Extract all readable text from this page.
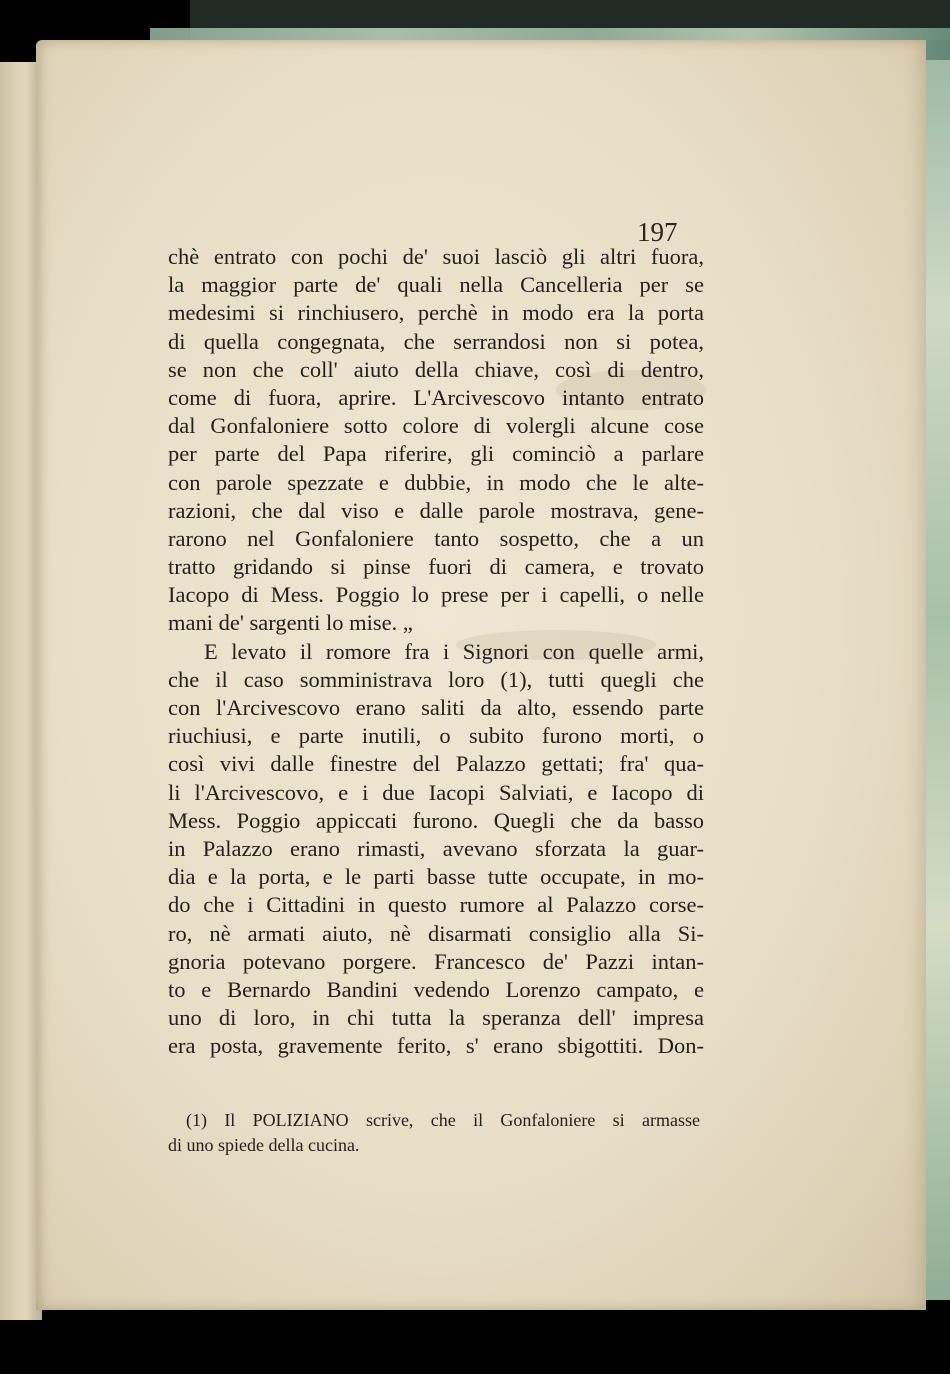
197
chè entrato con pochi de' suoi lasciò gli altri fuora,
la maggior parte de' quali nella Cancelleria per se
medesimi si rinchiusero, perchè in modo era la porta
di quella congegnata, che serrandosi non si potea,
se non che coll' aiuto della chiave, così di dentro,
come di fuora, aprire. L'Arcivescovo intanto entrato
dal Gonfaloniere sotto colore di volergli alcune cose
per parte del Papa riferire, gli cominciò a parlare
con parole spezzate e dubbie, in modo che le alte-
razioni, che dal viso e dalle parole mostrava, gene-
rarono nel Gonfaloniere tanto sospetto, che a un
tratto gridando si pinse fuori di camera, e trovato
Iacopo di Mess. Poggio lo prese per i capelli, o nelle
mani de' sargenti lo mise. „
E levato il romore fra i Signori con quelle armi,
che il caso somministrava loro (1), tutti quegli che
con l'Arcivescovo erano saliti da alto, essendo parte
riuchiusi, e parte inutili, o subito furono morti, o
così vivi dalle finestre del Palazzo gettati; fra' qua-
li l'Arcivescovo, e i due Iacopi Salviati, e Iacopo di
Mess. Poggio appiccati furono. Quegli che da basso
in Palazzo erano rimasti, avevano sforzata la guar-
dia e la porta, e le parti basse tutte occupate, in mo-
do che i Cittadini in questo rumore al Palazzo corse-
ro, nè armati aiuto, nè disarmati consiglio alla Si-
gnoria potevano porgere. Francesco de' Pazzi intan-
to e Bernardo Bandini vedendo Lorenzo campato, e
uno di loro, in chi tutta la speranza dell' impresa
era posta, gravemente ferito, s' erano sbigottiti. Don-
(1) Il POLIZIANO scrive, che il Gonfaloniere si armasse
di uno spiede della cucina.
